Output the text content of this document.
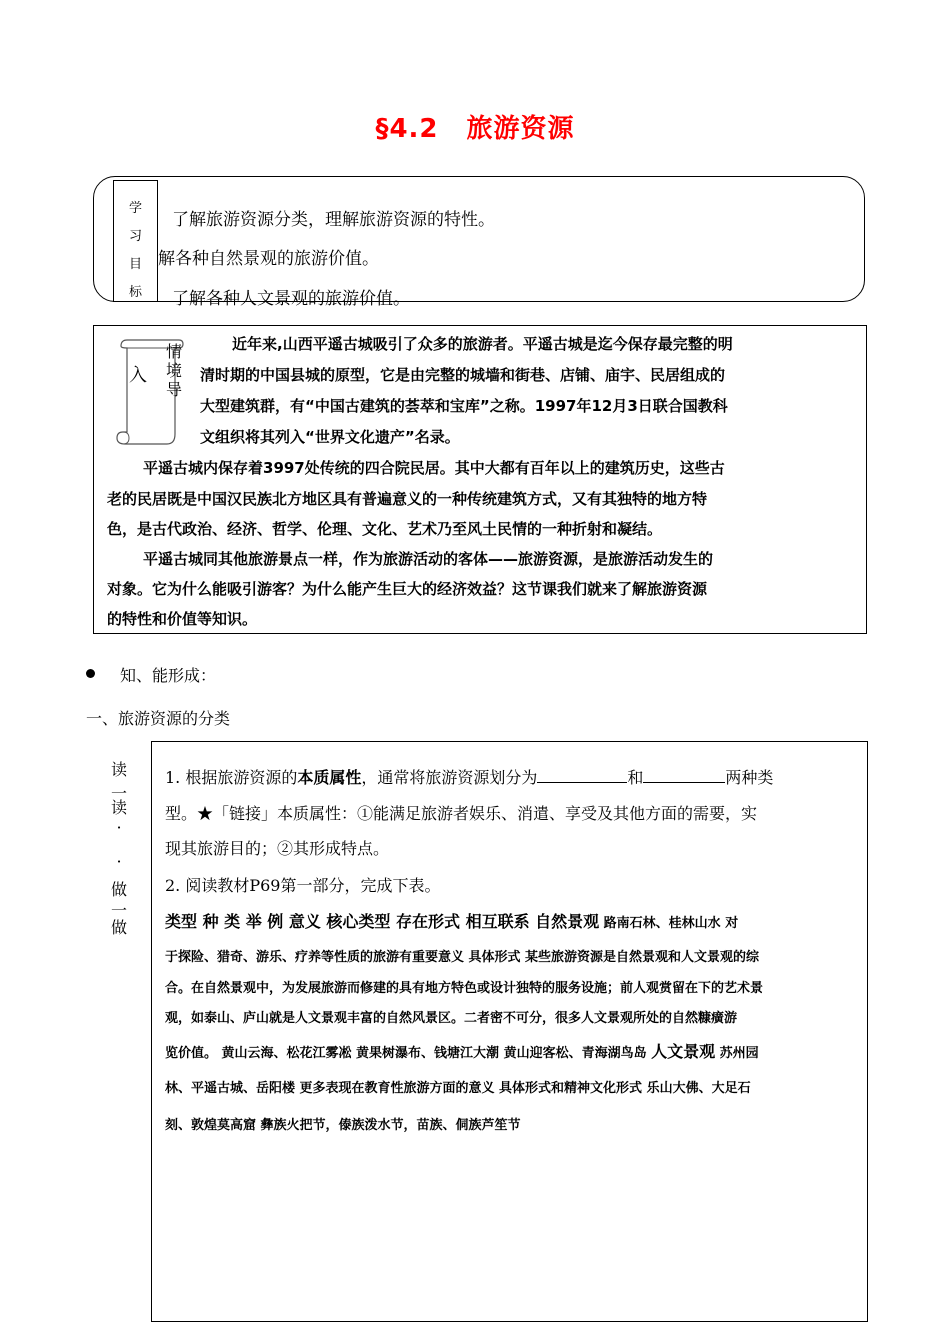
§4.2 旅游资源
学
习
目
标
了解旅游资源分类，理解旅游资源的特性。
解各种自然景观的旅游价值。
了解各种人文景观的旅游价值。
入
情
境
导
近年来,山西平遥古城吸引了众多的旅游者。平遥古城是迄今保存最完整的明
清时期的中国县城的原型，它是由完整的城墙和街巷、店铺、庙宇、民居组成的
大型建筑群，有“中国古建筑的荟萃和宝库”之称。1997年12月3日联合国教科
文组织将其列入“世界文化遗产”名录。
平遥古城内保存着3997处传统的四合院民居。其中大都有百年以上的建筑历史，这些古
老的民居既是中国汉民族北方地区具有普遍意义的一种传统建筑方式，又有其独特的地方特
色，是古代政治、经济、哲学、伦理、文化、艺术乃至风土民情的一种折射和凝结。
平遥古城同其他旅游景点一样，作为旅游活动的客体——旅游资源，是旅游活动发生的
对象。它为什么能吸引游客？为什么能产生巨大的经济效益？这节课我们就来了解旅游资源
的特性和价值等知识。
知、能形成：
一、旅游资源的分类
读
一
读
·
·
做
一
做
1. 根据旅游资源的本质属性，通常将旅游资源划分为	和	两种类
型。★「链接」本质属性：①能满足旅游者娱乐、消遣、享受及其他方面的需要，实
现其旅游目的；②其形成特点。
2. 阅读教材P69第一部分，完成下表。
类型 种 类 举 例 意义 核心类型 存在形式 相互联系 自然景观 路南石林、桂林山水 对
于探险、猎奇、游乐、疗养等性质的旅游有重要意义 具体形式 某些旅游资源是自然景观和人文景观的综
合。在自然景观中，为发展旅游而修建的具有地方特色或设计独特的服务设施；前人观赏留在下的艺术景
观，如泰山、庐山就是人文景观丰富的自然风景区。二者密不可分，很多人文景观所处的自然糠癀游
览价值。 黄山云海、松花江雾凇 黄果树瀑布、钱塘江大潮 黄山迎客松、青海湖鸟岛 人文景观 苏州园
林、平遥古城、岳阳楼 更多表现在教育性旅游方面的意义 具体形式和精神文化形式 乐山大佛、大足石
刻、敦煌莫高窟 彝族火把节，傣族泼水节，苗族、侗族芦笙节
